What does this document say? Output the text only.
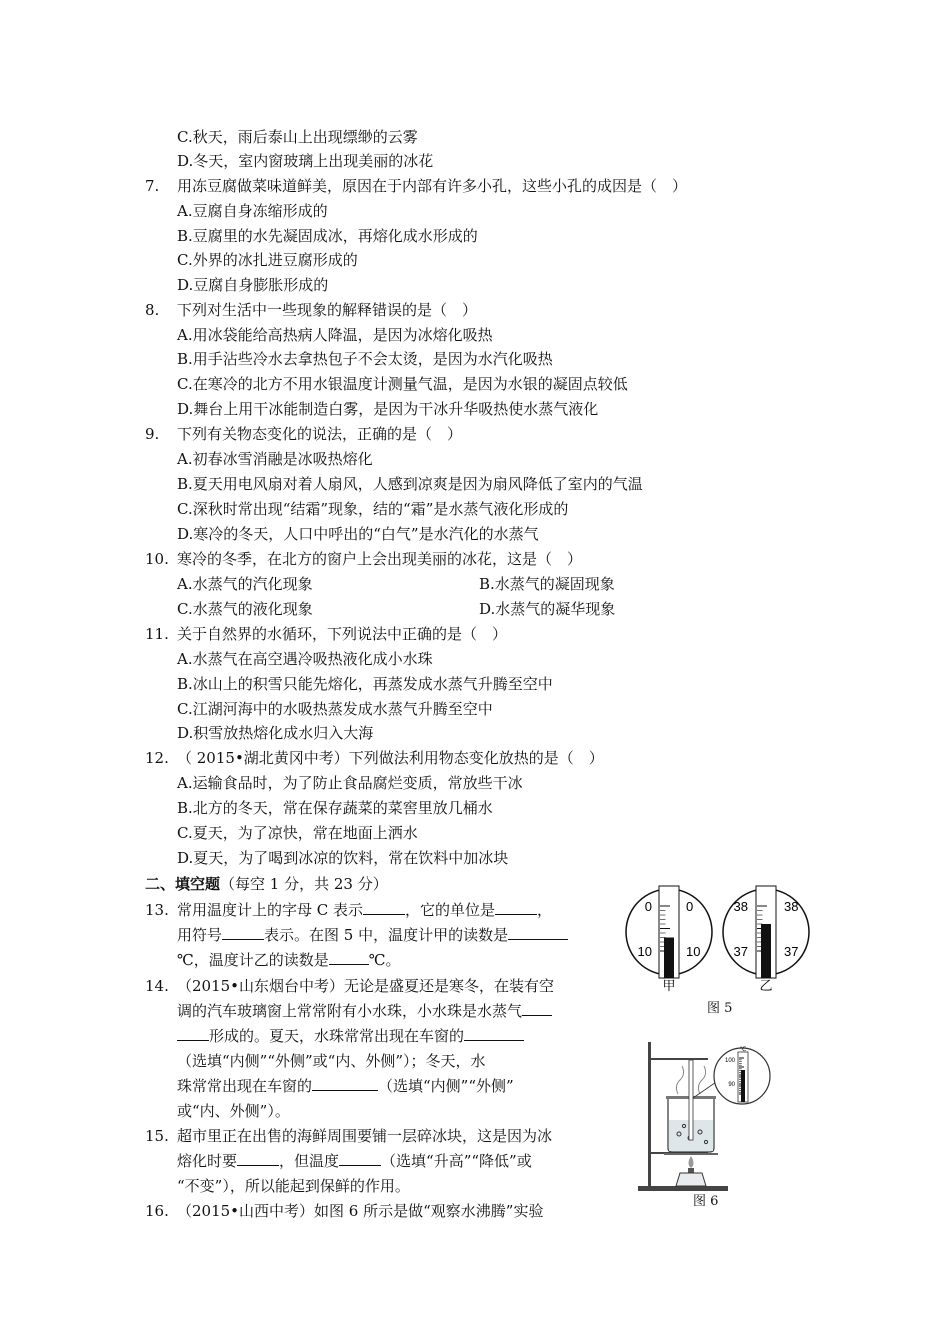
C.秋天，雨后泰山上出现缥缈的云雾
D.冬天，室内窗玻璃上出现美丽的冰花
7. 用冻豆腐做菜味道鲜美，原因在于内部有许多小孔，这些小孔的成因是（　）
A.豆腐自身冻缩形成的
B.豆腐里的水先凝固成冰，再熔化成水形成的
C.外界的冰扎进豆腐形成的
D.豆腐自身膨胀形成的
8. 下列对生活中一些现象的解释错误的是（　）
A.用冰袋能给高热病人降温，是因为冰熔化吸热
B.用手沾些冷水去拿热包子不会太烫，是因为水汽化吸热
C.在寒冷的北方不用水银温度计测量气温，是因为水银的凝固点较低
D.舞台上用干冰能制造白雾，是因为干冰升华吸热使水蒸气液化
9. 下列有关物态变化的说法，正确的是（　）
A.初春冰雪消融是冰吸热熔化
B.夏天用电风扇对着人扇风，人感到凉爽是因为扇风降低了室内的气温
C.深秋时常出现“结霜”现象，结的“霜”是水蒸气液化形成的
D.寒冷的冬天，人口中呼出的“白气”是水汽化的水蒸气
10. 寒冷的冬季，在北方的窗户上会出现美丽的冰花，这是（　）
A.水蒸气的汽化现象	B.水蒸气的凝固现象
C.水蒸气的液化现象	D.水蒸气的凝华现象
11. 关于自然界的水循环，下列说法中正确的是（　）
A.水蒸气在高空遇冷吸热液化成小水珠
B.冰山上的积雪只能先熔化，再蒸发成水蒸气升腾至空中
C.江湖河海中的水吸热蒸发成水蒸气升腾至空中
D.积雪放热熔化成水归入大海
12. （ 2015•湖北黄冈中考）下列做法利用物态变化放热的是（　）
A.运输食品时，为了防止食品腐烂变质，常放些干冰
B.北方的冬天，常在保存蔬菜的菜窖里放几桶水
C.夏天，为了凉快，常在地面上洒水
D.夏天，为了喝到冰凉的饮料，常在饮料中加冰块
二、填空题（每空 1 分，共 23 分）
13. 常用温度计上的字母 C 表示	，它的单位是	，
用符号	表示。在图 5 中，温度计甲的读数是
℃，温度计乙的读数是	℃。
14. （2015•山东烟台中考）无论是盛夏还是寒冬，在装有空
调的汽车玻璃窗上常常附有小水珠，小水珠是水蒸气
形成的。夏天，水珠常常出现在车窗的
（选填“内侧”“外侧”或“内、外侧”）；冬天，水
珠常常出现在车窗的	（选填“内侧”“外侧”
或“内、外侧”）。
15. 超市里正在出售的海鲜周围要铺一层碎冰块，这是因为冰
熔化时要	，但温度	（选填“升高”“降低”或
“不变”），所以能起到保鲜的作用。
16. （2015•山西中考）如图 6 所示是做“观察水沸腾”实验
0	0
10	10
甲
38	38
37	37
乙
图 5
℃
100
90
图 6
